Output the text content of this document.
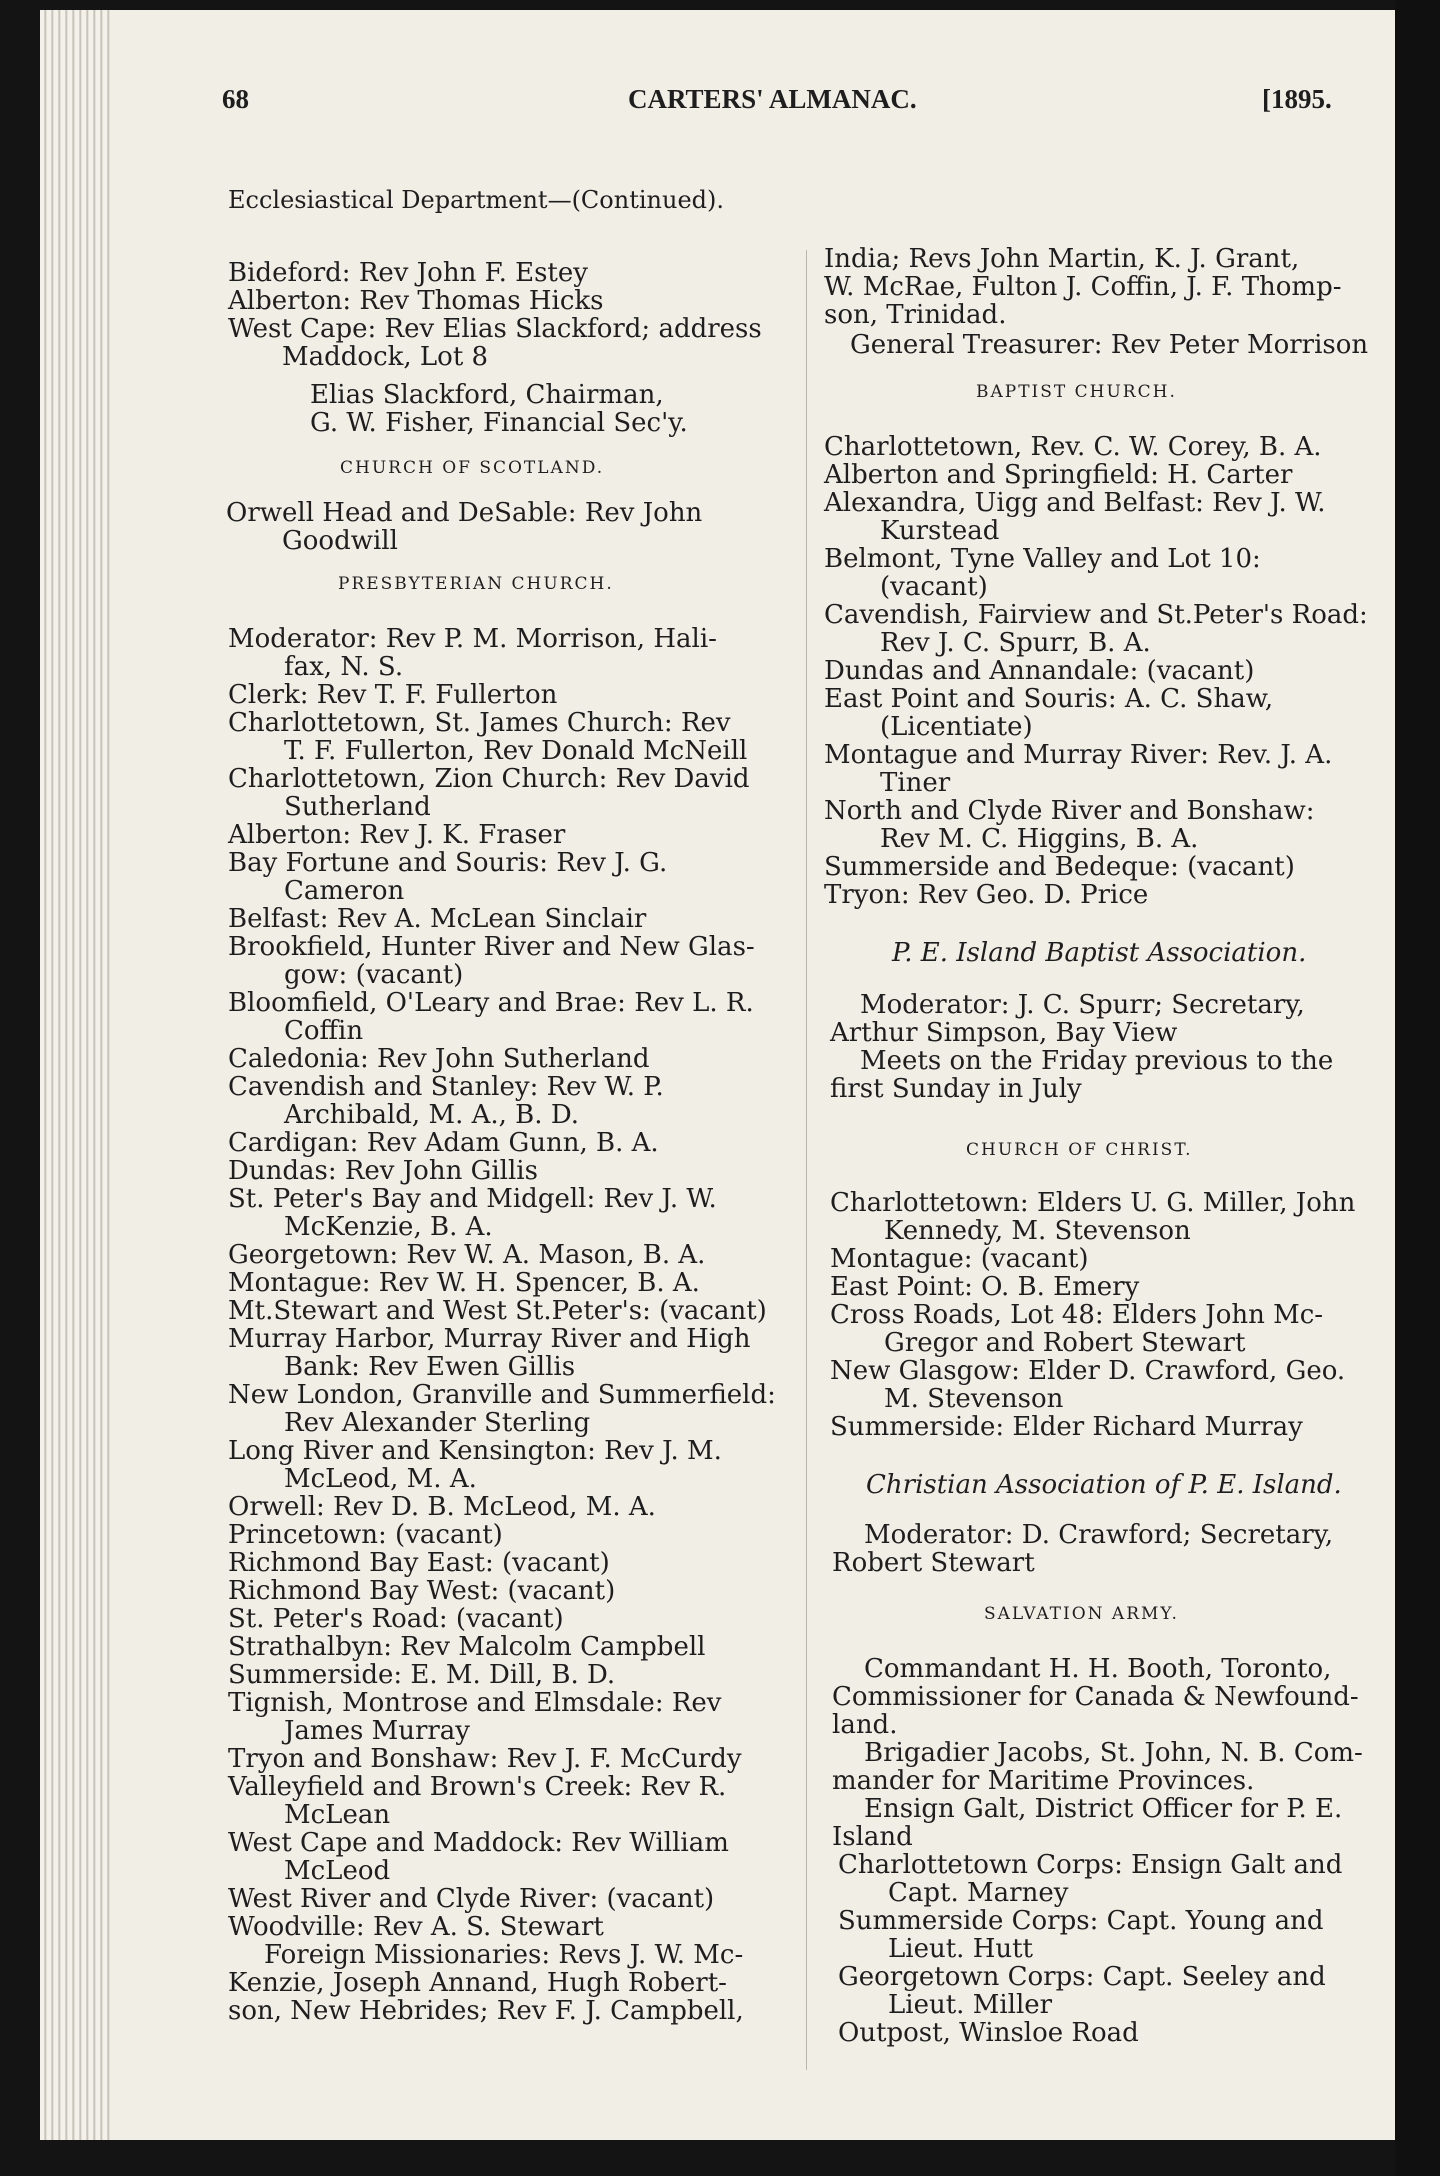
68	CARTERS' ALMANAC.	[1895.
Ecclesiastical Department—(Continued).
Bideford: Rev John F. Estey
Alberton: Rev Thomas Hicks
West Cape: Rev Elias Slackford; address
Maddock, Lot 8
Elias Slackford, Chairman,
G. W. Fisher, Financial Sec'y.
CHURCH OF SCOTLAND.
Orwell Head and DeSable: Rev John
Goodwill
PRESBYTERIAN CHURCH.
Moderator: Rev P. M. Morrison, Hali-
fax, N. S.
Clerk: Rev T. F. Fullerton
Charlottetown, St. James Church: Rev
T. F. Fullerton, Rev Donald McNeill
Charlottetown, Zion Church: Rev David
Sutherland
Alberton: Rev J. K. Fraser
Bay Fortune and Souris: Rev J. G.
Cameron
Belfast: Rev A. McLean Sinclair
Brookfield, Hunter River and New Glas-
gow: (vacant)
Bloomfield, O'Leary and Brae: Rev L. R.
Coffin
Caledonia: Rev John Sutherland
Cavendish and Stanley: Rev W. P.
Archibald, M. A., B. D.
Cardigan: Rev Adam Gunn, B. A.
Dundas: Rev John Gillis
St. Peter's Bay and Midgell: Rev J. W.
McKenzie, B. A.
Georgetown: Rev W. A. Mason, B. A.
Montague: Rev W. H. Spencer, B. A.
Mt.Stewart and West St.Peter's: (vacant)
Murray Harbor, Murray River and High
Bank: Rev Ewen Gillis
New London, Granville and Summerfield:
Rev Alexander Sterling
Long River and Kensington: Rev J. M.
McLeod, M. A.
Orwell: Rev D. B. McLeod, M. A.
Princetown: (vacant)
Richmond Bay East: (vacant)
Richmond Bay West: (vacant)
St. Peter's Road: (vacant)
Strathalbyn: Rev Malcolm Campbell
Summerside: E. M. Dill, B. D.
Tignish, Montrose and Elmsdale: Rev
James Murray
Tryon and Bonshaw: Rev J. F. McCurdy
Valleyfield and Brown's Creek: Rev R.
McLean
West Cape and Maddock: Rev William
McLeod
West River and Clyde River: (vacant)
Woodville: Rev A. S. Stewart
Foreign Missionaries: Revs J. W. Mc-
Kenzie, Joseph Annand, Hugh Robert-
son, New Hebrides; Rev F. J. Campbell,
India; Revs John Martin, K. J. Grant,
W. McRae, Fulton J. Coffin, J. F. Thomp-
son, Trinidad.
General Treasurer: Rev Peter Morrison
BAPTIST CHURCH.
Charlottetown, Rev. C. W. Corey, B. A.
Alberton and Springfield: H. Carter
Alexandra, Uigg and Belfast: Rev J. W.
Kurstead
Belmont, Tyne Valley and Lot 10:
(vacant)
Cavendish, Fairview and St.Peter's Road:
Rev J. C. Spurr, B. A.
Dundas and Annandale: (vacant)
East Point and Souris: A. C. Shaw,
(Licentiate)
Montague and Murray River: Rev. J. A.
Tiner
North and Clyde River and Bonshaw:
Rev M. C. Higgins, B. A.
Summerside and Bedeque: (vacant)
Tryon: Rev Geo. D. Price
P. E. Island Baptist Association.
Moderator: J. C. Spurr; Secretary,
Arthur Simpson, Bay View
Meets on the Friday previous to the
first Sunday in July
CHURCH OF CHRIST.
Charlottetown: Elders U. G. Miller, John
Kennedy, M. Stevenson
Montague: (vacant)
East Point: O. B. Emery
Cross Roads, Lot 48: Elders John Mc-
Gregor and Robert Stewart
New Glasgow: Elder D. Crawford, Geo.
M. Stevenson
Summerside: Elder Richard Murray
Christian Association of P. E. Island.
Moderator: D. Crawford; Secretary,
Robert Stewart
SALVATION ARMY.
Commandant H. H. Booth, Toronto,
Commissioner for Canada & Newfound-
land.
Brigadier Jacobs, St. John, N. B. Com-
mander for Maritime Provinces.
Ensign Galt, District Officer for P. E.
Island
Charlottetown Corps: Ensign Galt and
Capt. Marney
Summerside Corps: Capt. Young and
Lieut. Hutt
Georgetown Corps: Capt. Seeley and
Lieut. Miller
Outpost, Winsloe Road
